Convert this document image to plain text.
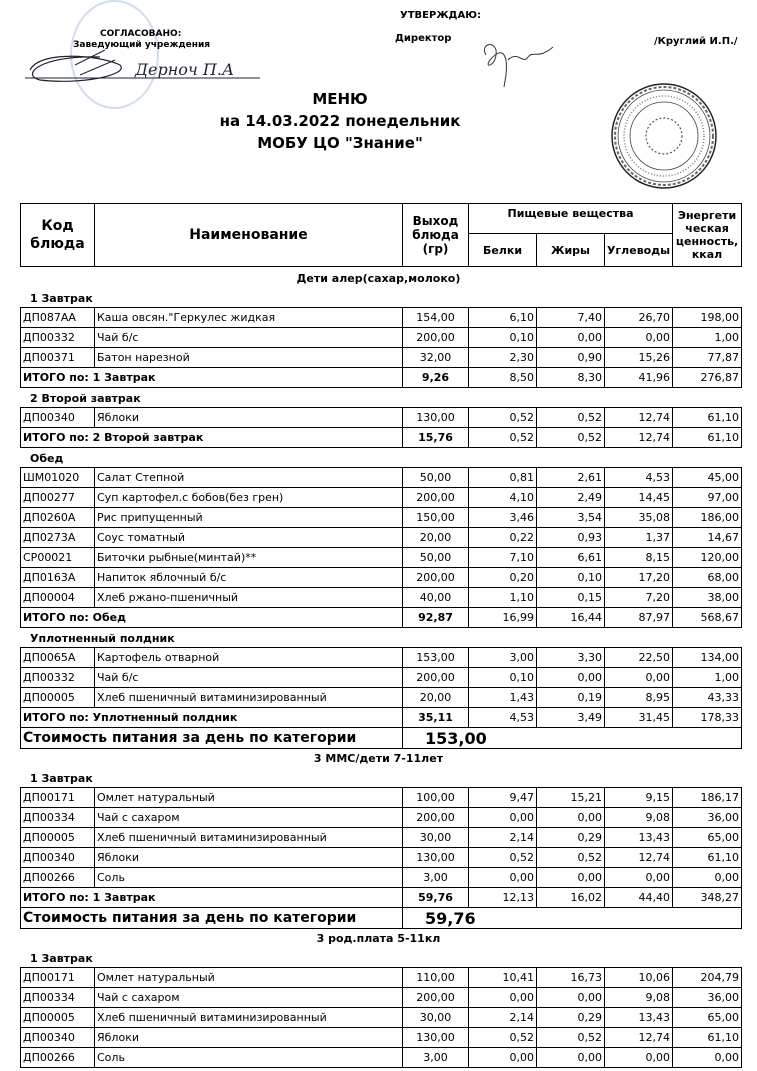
СОГЛАСОВАНО:
Заведующий учреждения
Дерноч П.А
УТВЕРЖДАЮ:
Директор	/Круглий И.П./
МЕНЮ
на 14.03.2022 понедельник
МОБУ ЦО "Знание"
Код блюда	Наименование	Выход блюда (гр)	Пищевые вещества			Энергети ческая ценность, ккал
			Белки	Жиры	Углеводы	
Дети алер(сахар,молоко)
1 Завтрак
ДП087АА	Каша овсян."Геркулес жидкая	154,00	6,10	7,40	26,70	198,00
ДП00332	Чай б/с	200,00	0,10	0,00	0,00	1,00
ДП00371	Батон нарезной	32,00	2,30	0,90	15,26	77,87
ИТОГО по: 1 Завтрак		9,26	8,50	8,30	41,96	276,87
2 Второй завтрак
ДП00340	Яблоки	130,00	0,52	0,52	12,74	61,10
ИТОГО по: 2 Второй завтрак		15,76	0,52	0,52	12,74	61,10
Обед
ШМ01020	Салат Степной	50,00	0,81	2,61	4,53	45,00
ДП00277	Суп картофел.с бобов(без грен)	200,00	4,10	2,49	14,45	97,00
ДП0260А	Рис припущенный	150,00	3,46	3,54	35,08	186,00
ДП0273А	Соус томатный	20,00	0,22	0,93	1,37	14,67
СР00021	Биточки рыбные(минтай)**	50,00	7,10	6,61	8,15	120,00
ДП0163А	Напиток яблочный б/с	200,00	0,20	0,10	17,20	68,00
ДП00004	Хлеб ржано-пшеничный	40,00	1,10	0,15	7,20	38,00
ИТОГО по: Обед		92,87	16,99	16,44	87,97	568,67
Уплотненный полдник
ДП0065А	Картофель отварной	153,00	3,00	3,30	22,50	134,00
ДП00332	Чай б/с	200,00	0,10	0,00	0,00	1,00
ДП00005	Хлеб пшеничный витаминизированный	20,00	1,43	0,19	8,95	43,33
ИТОГО по: Уплотненный полдник		35,11	4,53	3,49	31,45	178,33
Стоимость питания за день по категории		153,00				
3 ММС/дети 7-11лет
1 Завтрак
ДП00171	Омлет натуральный	100,00	9,47	15,21	9,15	186,17
ДП00334	Чай с сахаром	200,00	0,00	0,00	9,08	36,00
ДП00005	Хлеб пшеничный витаминизированный	30,00	2,14	0,29	13,43	65,00
ДП00340	Яблоки	130,00	0,52	0,52	12,74	61,10
ДП00266	Соль	3,00	0,00	0,00	0,00	0,00
ИТОГО по: 1 Завтрак		59,76	12,13	16,02	44,40	348,27
Стоимость питания за день по категории		59,76				
3 род.плата 5-11кл
1 Завтрак
ДП00171	Омлет натуральный	110,00	10,41	16,73	10,06	204,79
ДП00334	Чай с сахаром	200,00	0,00	0,00	9,08	36,00
ДП00005	Хлеб пшеничный витаминизированный	30,00	2,14	0,29	13,43	65,00
ДП00340	Яблоки	130,00	0,52	0,52	12,74	61,10
ДП00266	Соль	3,00	0,00	0,00	0,00	0,00
